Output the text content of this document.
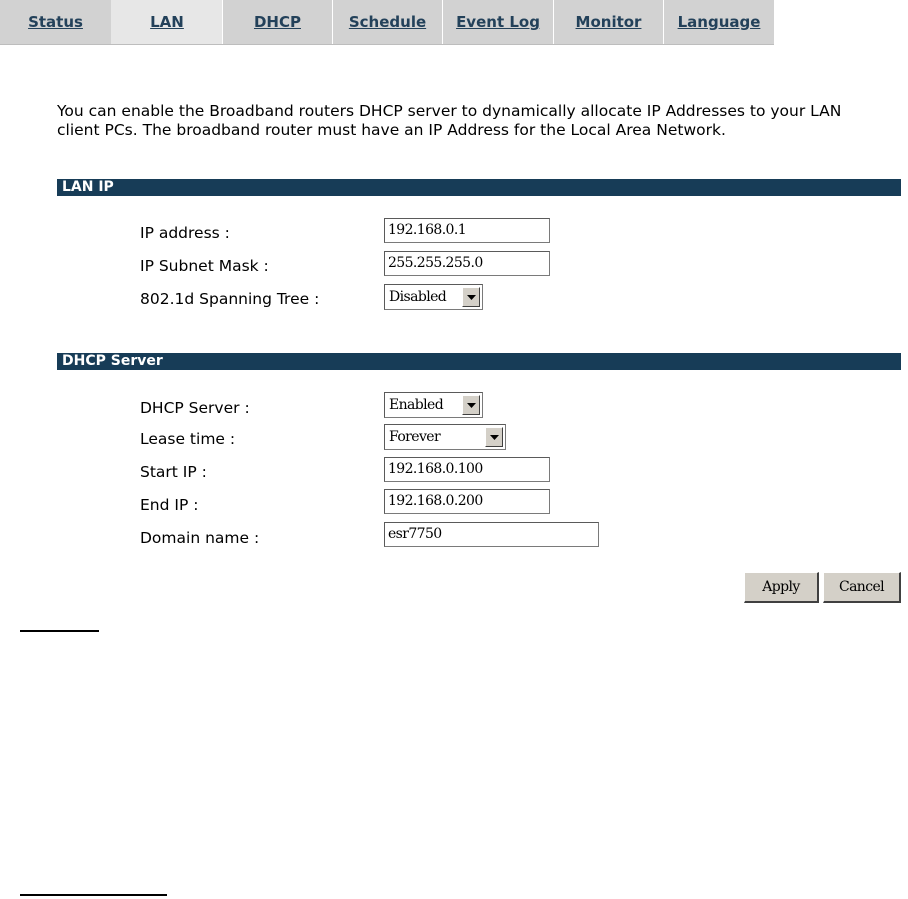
Status	LAN	DHCP	Schedule	Event Log	Monitor	Language
You can enable the Broadband routers DHCP server to dynamically allocate IP Addresses to your LAN client PCs. The broadband router must have an IP Address for the Local Area Network.
LAN IP
IP address :	192.168.0.1
IP Subnet Mask :	255.255.255.0
802.1d Spanning Tree :	Disabled
DHCP Server
DHCP Server :	Enabled
Lease time :	Forever
Start IP :	192.168.0.100
End IP :	192.168.0.200
Domain name :	esr7750
Apply	Cancel
